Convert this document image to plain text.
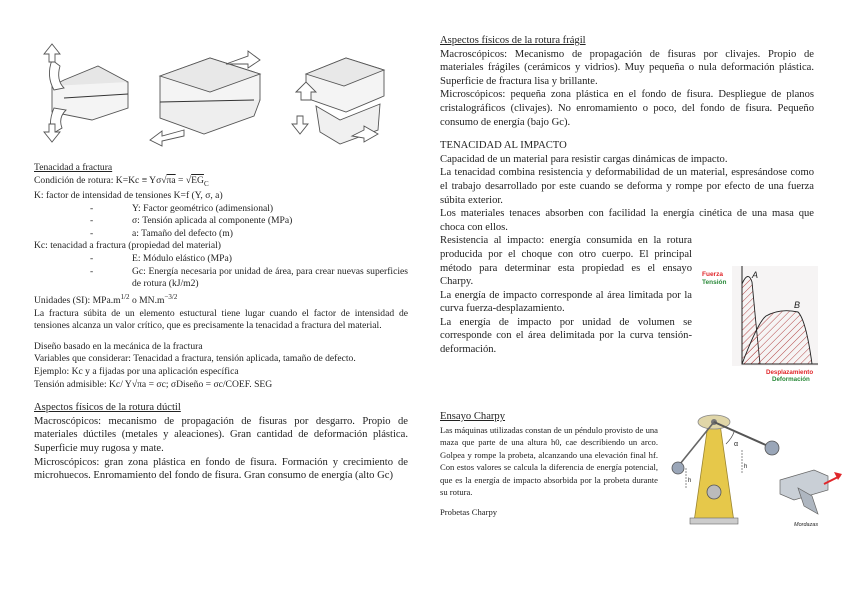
Tenacidad a fractura
Condición de rotura: $K=Kc \equiv Y\sigma√\pi a = √EG_C$
K: factor de intensidad de tensiones K=f (Y, σ, a)
-	Y: Factor geométrico (adimensional)
-	σ: Tensión aplicada al componente (MPa)
-	a: Tamaño del defecto (m)
Kc: tenacidad a fractura (propiedad del material)
-	E: Módulo elástico (MPa)
-	Gc: Energía necesaria por unidad de área, para crear nuevas superficies de rotura (kJ/m2)
Unidades (SI): $MPa.m^{1/2}$ o $MN.m^{-3/2}$
La fractura súbita de un elemento estuctural tiene lugar cuando el factor de intensidad de tensiones alcanza un valor crítico, que es precisamente la tenacidad a fractura del material.
Diseño basado en la mecánica de la fractura
Variables que considerar: Tenacidad a fractura, tensión aplicada, tamaño de defecto.
Ejemplo: Kc y a fijadas por una aplicación específica
Tensión admisible: Kc/ Y√πa = σc; σDiseño = σc/COEF. SEG
Aspectos físicos de la rotura dúctil
Macroscópicos: mecanismo de propagación de fisuras por desgarro. Propio de materiales dúctiles (metales y aleaciones). Gran cantidad de deformación plástica. Superficie muy rugosa y mate.
Microscópicos: gran zona plástica en fondo de fisura. Formación y crecimiento de microhuecos. Enromamiento del fondo de fisura. Gran consumo de energía (alto Gc)
Aspectos físicos de la rotura frágil
Macroscópicos: Mecanismo de propagación de fisuras por clivajes. Propio de materiales frágiles (cerámicos y vidrios). Muy pequeña o nula deformación plástica. Superficie de fractura lisa y brillante.
Microscópicos: pequeña zona plástica en el fondo de fisura. Despliegue de planos cristalográficos (clivajes). No enromamiento o poco, del fondo de fisura. Pequeño consumo de energía (bajo Gc).
TENACIDAD AL IMPACTO
Capacidad de un material para resistir cargas dinámicas de impacto.
La tenacidad combina resistencia y deformabilidad de un material, espresándose como el trabajo desarrollado por este cuando se deforma y rompe por efecto de una fuerza súbita exterior.
Los materiales tenaces absorben con facilidad la energía cinética de una masa que choca con ellos.
Resistencia al impacto: energía consumida en la rotura producida por el choque con otro cuerpo. El principal método para determinar esta propiedad es el ensayo Charpy.
La energía de impacto corresponde al área limitada por la curva fuerza-desplazamiento.
La energía de impacto por unidad de volumen se corresponde con el área delimitada por la curva tensión-deformación.
Ensayo Charpy
Las máquinas utilizadas constan de un péndulo provisto de una maza que parte de una altura h0, cae describiendo un arco. Golpea y rompe la probeta, alcanzando una elevación final hf. Con estos valores se calcula la diferencia de energía potencial, que es la energía de impacto absorbida por la probeta durante su rotura.
Probetas Charpy
Fuerza
Tensión
A
B
Desplazamiento
Deformación
α
h
h
Mordazas
